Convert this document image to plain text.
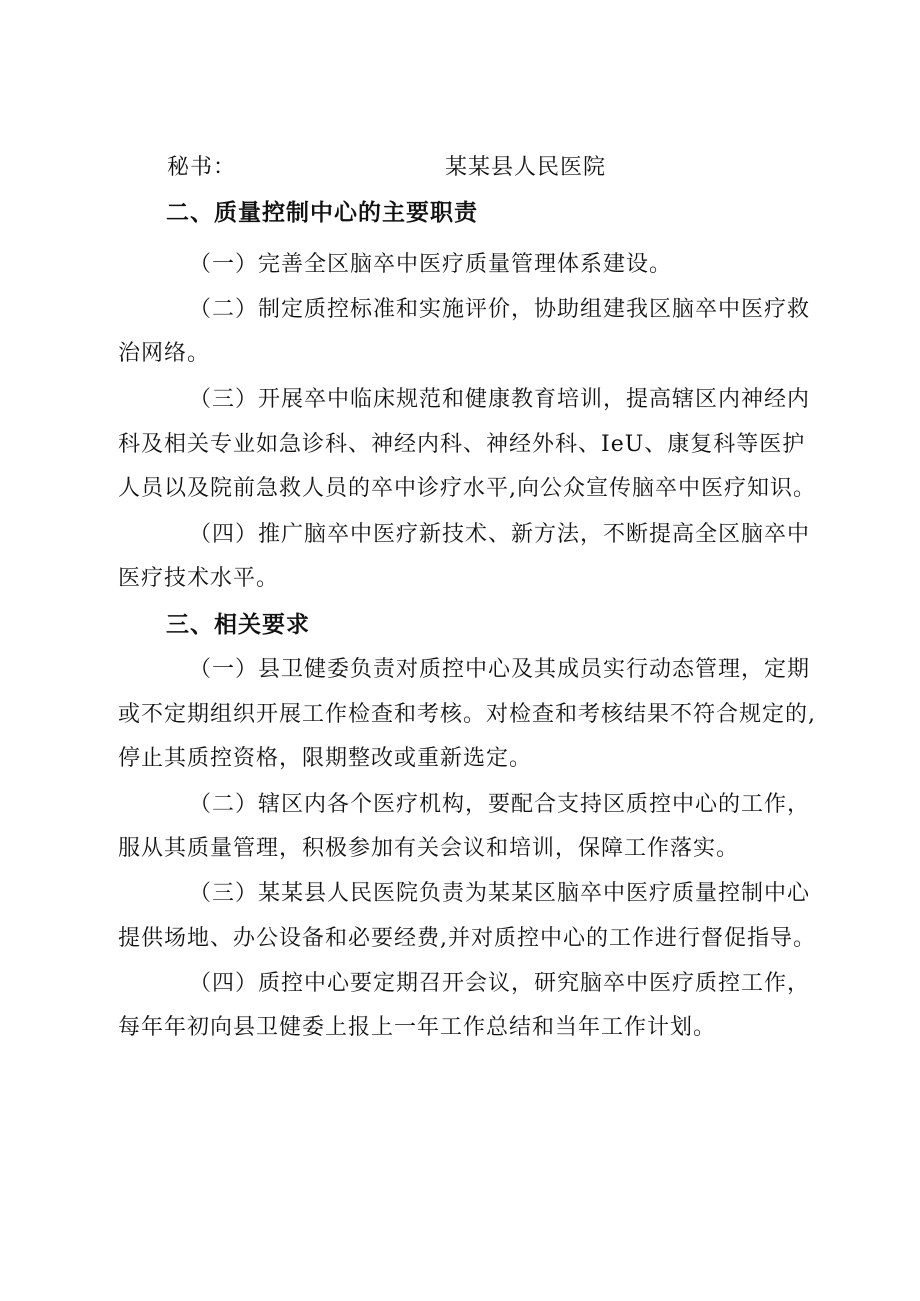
秘书：	某某县人民医院
二、质量控制中心的主要职责
（一）完善全区脑卒中医疗质量管理体系建设。
（二）制定质控标准和实施评价，协助组建我区脑卒中医疗救
治网络。
（三）开展卒中临床规范和健康教育培训，提高辖区内神经内
科及相关专业如急诊科、神经内科、神经外科、IeU、康复科等医护
人员以及院前急救人员的卒中诊疗水平,向公众宣传脑卒中医疗知识。
（四）推广脑卒中医疗新技术、新方法，不断提高全区脑卒中
医疗技术水平。
三、相关要求
（一）县卫健委负责对质控中心及其成员实行动态管理，定期
或不定期组织开展工作检查和考核。对检查和考核结果不符合规定的,
停止其质控资格，限期整改或重新选定。
（二）辖区内各个医疗机构，要配合支持区质控中心的工作，
服从其质量管理，积极参加有关会议和培训，保障工作落实。
（三）某某县人民医院负责为某某区脑卒中医疗质量控制中心
提供场地、办公设备和必要经费,并对质控中心的工作进行督促指导。
（四）质控中心要定期召开会议，研究脑卒中医疗质控工作，
每年年初向县卫健委上报上一年工作总结和当年工作计划。
